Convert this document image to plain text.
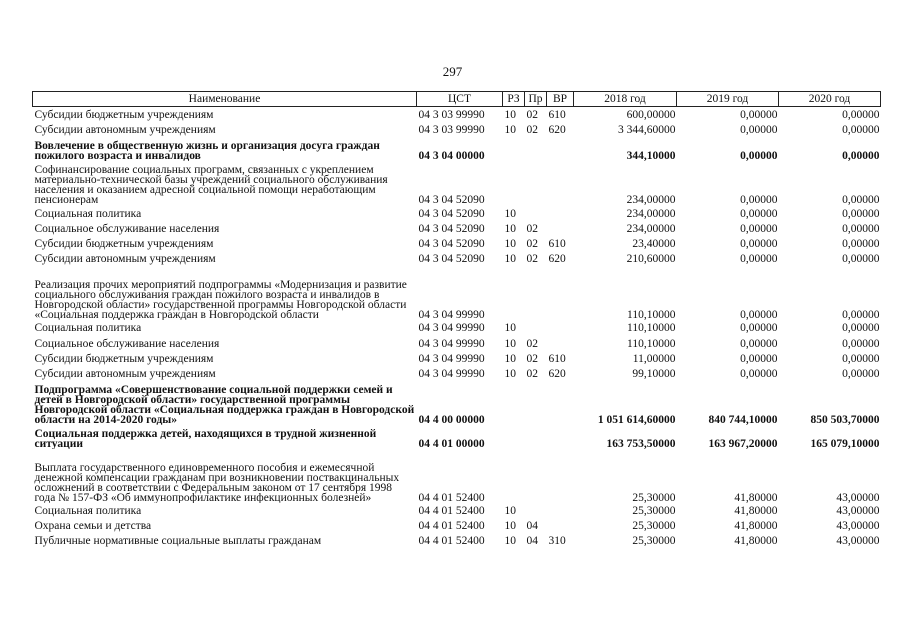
297
Наименование	ЦСТ	РЗ	Пр	ВР	2018 год	2019 год	2020 год
Субсидии бюджетным учреждениям	04 3 03 99990	10	02	610	600,00000	0,00000	0,00000
Субсидии автономным учреждениям	04 3 03 99990	10	02	620	3 344,60000	0,00000	0,00000
Вовлечение в общественную жизнь и организация досуга граждан пожилого возраста и инвалидов	04 3 04 00000				344,10000	0,00000	0,00000
Софинансирование социальных программ, связанных с укреплением материально-технической базы учреждений социального обслуживания населения и оказанием адресной социальной помощи неработающим пенсионерам	04 3 04 52090				234,00000	0,00000	0,00000
Социальная политика	04 3 04 52090	10			234,00000	0,00000	0,00000
Социальное обслуживание населения	04 3 04 52090	10	02		234,00000	0,00000	0,00000
Субсидии бюджетным учреждениям	04 3 04 52090	10	02	610	23,40000	0,00000	0,00000
Субсидии автономным учреждениям	04 3 04 52090	10	02	620	210,60000	0,00000	0,00000
Реализация прочих мероприятий подпрограммы «Модернизация и развитие социального обслуживания граждан пожилого возраста и инвалидов в Новгородской области» государственной программы Новгородской области «Социальная поддержка граждан в Новгородской области	04 3 04 99990				110,10000	0,00000	0,00000
Социальная политика	04 3 04 99990	10			110,10000	0,00000	0,00000
Социальное обслуживание населения	04 3 04 99990	10	02		110,10000	0,00000	0,00000
Субсидии бюджетным учреждениям	04 3 04 99990	10	02	610	11,00000	0,00000	0,00000
Субсидии автономным учреждениям	04 3 04 99990	10	02	620	99,10000	0,00000	0,00000
Подпрограмма «Совершенствование социальной поддержки семей и детей в Новгородской области» государственной программы Новгородской области «Социальная поддержка граждан в Новгородской области на 2014-2020 годы»	04 4 00 00000				1 051 614,60000	840 744,10000	850 503,70000
Социальная поддержка детей, находящихся в трудной жизненной ситуации	04 4 01 00000				163 753,50000	163 967,20000	165 079,10000
Выплата государственного единовременного пособия и ежемесячной денежной компенсации гражданам при возникновении поствакцинальных осложнений в соответствии с Федеральным законом от 17 сентября 1998 года № 157-ФЗ «Об иммунопрофилактике инфекционных болезней»	04 4 01 52400				25,30000	41,80000	43,00000
Социальная политика	04 4 01 52400	10			25,30000	41,80000	43,00000
Охрана семьи и детства	04 4 01 52400	10	04		25,30000	41,80000	43,00000
Публичные нормативные социальные выплаты гражданам	04 4 01 52400	10	04	310	25,30000	41,80000	43,00000
